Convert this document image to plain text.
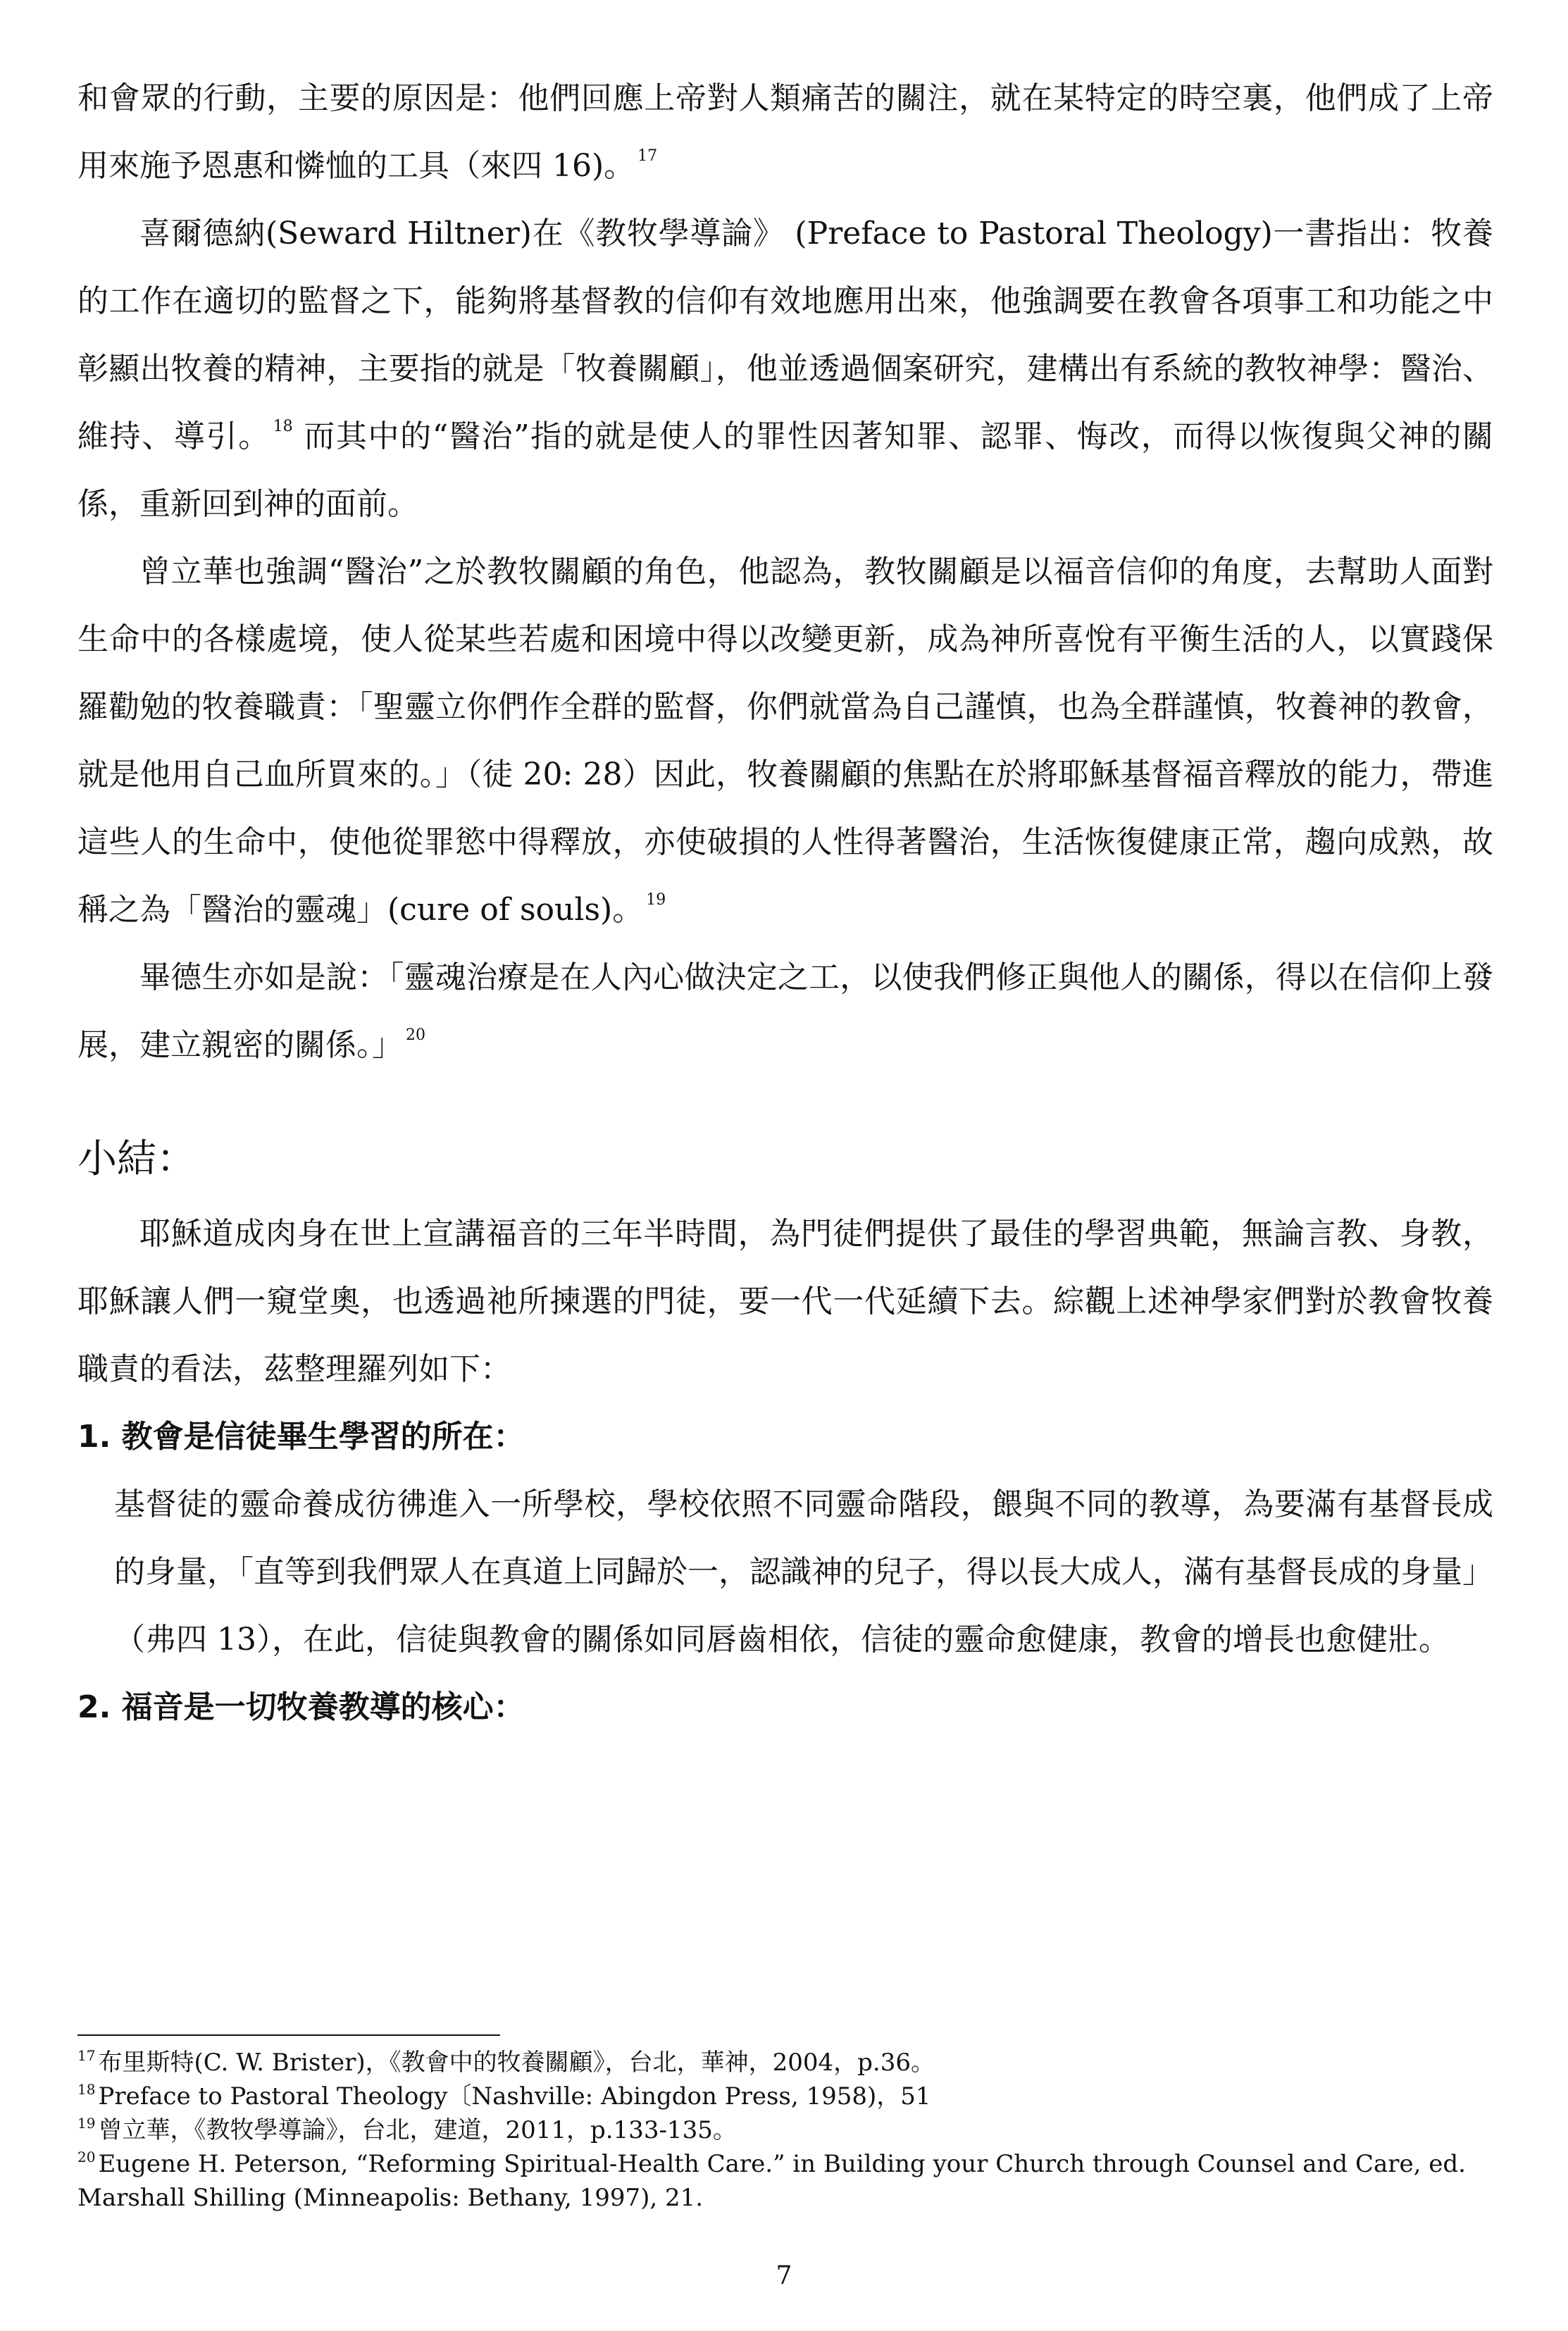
和會眾的行動，主要的原因是：他們回應上帝對人類痛苦的關注，就在某特定的時空裏，他們成了上帝用來施予恩惠和憐恤的工具（來四 16)。 $^{17}$

喜爾德納(Seward Hiltner)在《教牧學導論》 (Preface to Pastoral Theology)一書指出：牧養的工作在適切的監督之下，能夠將基督教的信仰有效地應用出來，他強調要在教會各項事工和功能之中彰顯出牧養的精神，主要指的就是「牧養關顧」，他並透過個案研究，建構出有系統的教牧神學：醫治、維持、導引。 $^{18}$ 而其中的“醫治”指的就是使人的罪性因著知罪、認罪、悔改，而得以恢復與父神的關係，重新回到神的面前。

曾立華也強調“醫治”之於教牧關顧的角色，他認為，教牧關顧是以福音信仰的角度，去幫助人面對生命中的各樣處境，使人從某些若處和困境中得以改變更新，成為神所喜悅有平衡生活的人，以實踐保羅勸勉的牧養職責：「聖靈立你們作全群的監督，你們就當為自己謹慎，也為全群謹慎，牧養神的教會，就是他用自己血所買來的。」（徒 20: 28）因此，牧養關顧的焦點在於將耶穌基督福音釋放的能力，帶進這些人的生命中，使他從罪慾中得釋放，亦使破損的人性得著醫治，生活恢復健康正常，趨向成熟，故稱之為「醫治的靈魂」(cure of souls)。 $^{19}$

畢德生亦如是說：「靈魂治療是在人內心做決定之工，以使我們修正與他人的關係，得以在信仰上發展，建立親密的關係。」 $^{20}$

小結：

耶穌道成肉身在世上宣講福音的三年半時間，為門徒們提供了最佳的學習典範，無論言教、身教，耶穌讓人們一窺堂奧，也透過祂所揀選的門徒，要一代一代延續下去。綜觀上述神學家們對於教會牧養職責的看法，茲整理羅列如下：

1. 教會是信徒畢生學習的所在：

基督徒的靈命養成彷彿進入一所學校，學校依照不同靈命階段，餵與不同的教導，為要滿有基督長成的身量，「直等到我們眾人在真道上同歸於一，認識神的兒子，得以長大成人，滿有基督長成的身量」（弗四 13），在此，信徒與教會的關係如同唇齒相依，信徒的靈命愈健康，教會的增長也愈健壯。

2. 福音是一切牧養教導的核心：

$^{17}$ 布里斯特(C. W. Brister)，《教會中的牧養關顧》，台北，華神，2004，p.36。

$^{18}$ Preface to Pastoral Theology〔Nashville: Abingdon Press, 1958)，51

$^{19}$ 曾立華，《教牧學導論》，台北，建道，2011，p.133-135。

$^{20}$ Eugene H. Peterson, “Reforming Spiritual-Health Care.” in Building your Church through Counsel and Care, ed. Marshall Shilling (Minneapolis: Bethany, 1997), 21.

7
